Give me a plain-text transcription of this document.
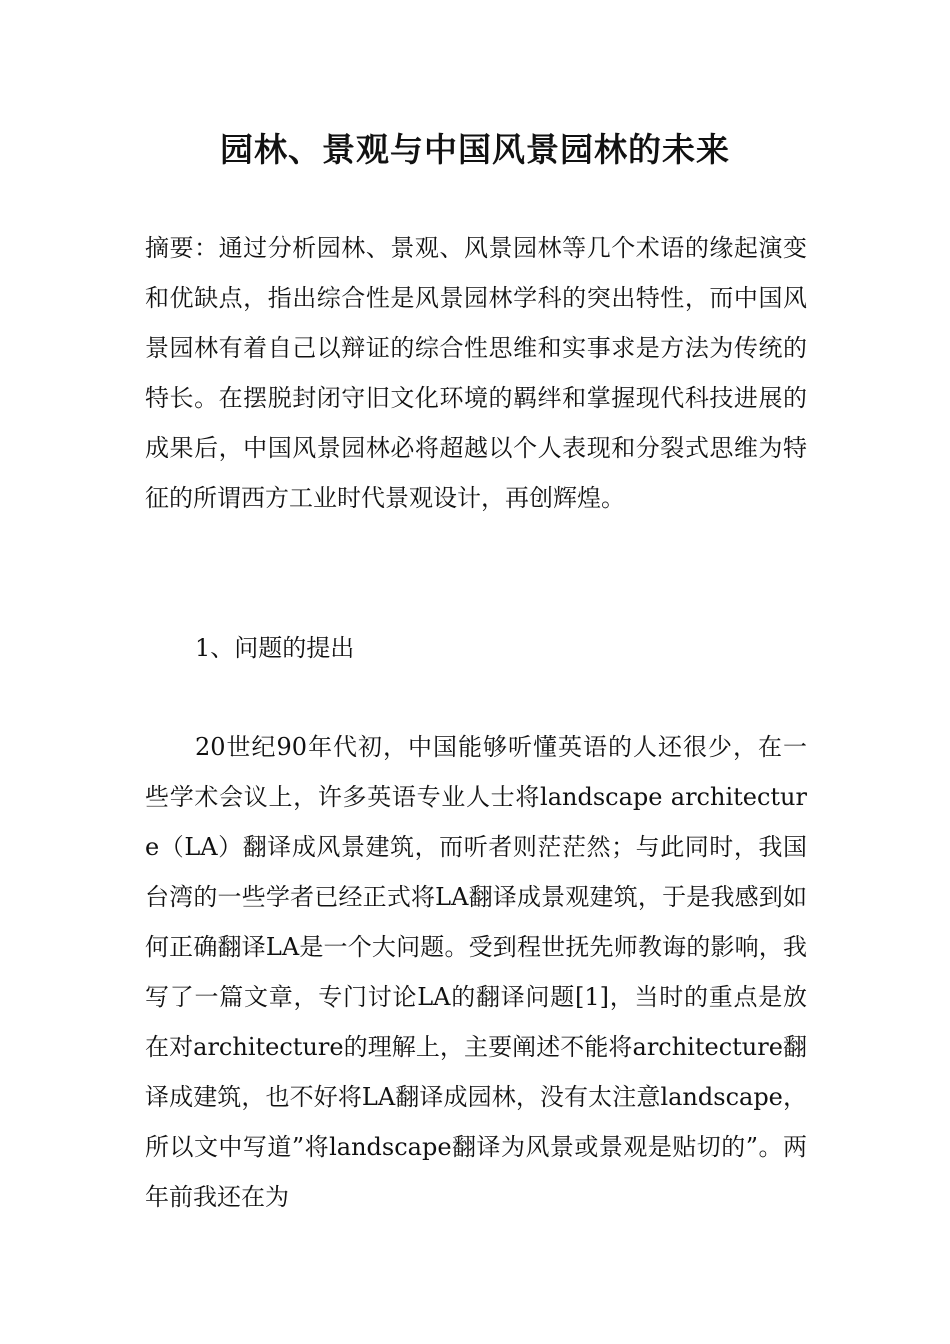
园林、景观与中国风景园林的未来

摘要：通过分析园林、景观、风景园林等几个术语的缘起演变和优缺点，指出综合性是风景园林学科的突出特性，而中国风景园林有着自己以辩证的综合性思维和实事求是方法为传统的特长。在摆脱封闭守旧文化环境的羁绊和掌握现代科技进展的成果后，中国风景园林必将超越以个人表现和分裂式思维为特征的所谓西方工业时代景观设计，再创辉煌。

1、问题的提出

20世纪90年代初，中国能够听懂英语的人还很少，在一些学术会议上，许多英语专业人士将landscape architecture（LA）翻译成风景建筑，而听者则茫茫然；与此同时，我国台湾的一些学者已经正式将LA翻译成景观建筑，于是我感到如何正确翻译LA是一个大问题。受到程世抚先师教诲的影响，我写了一篇文章，专门讨论LA的翻译问题[1]，当时的重点是放在对architecture的理解上，主要阐述不能将architecture翻译成建筑，也不好将LA翻译成园林，没有太注意landscape，所以文中写道”将landscape翻译为风景或景观是贴切的”。两年前我还在为
